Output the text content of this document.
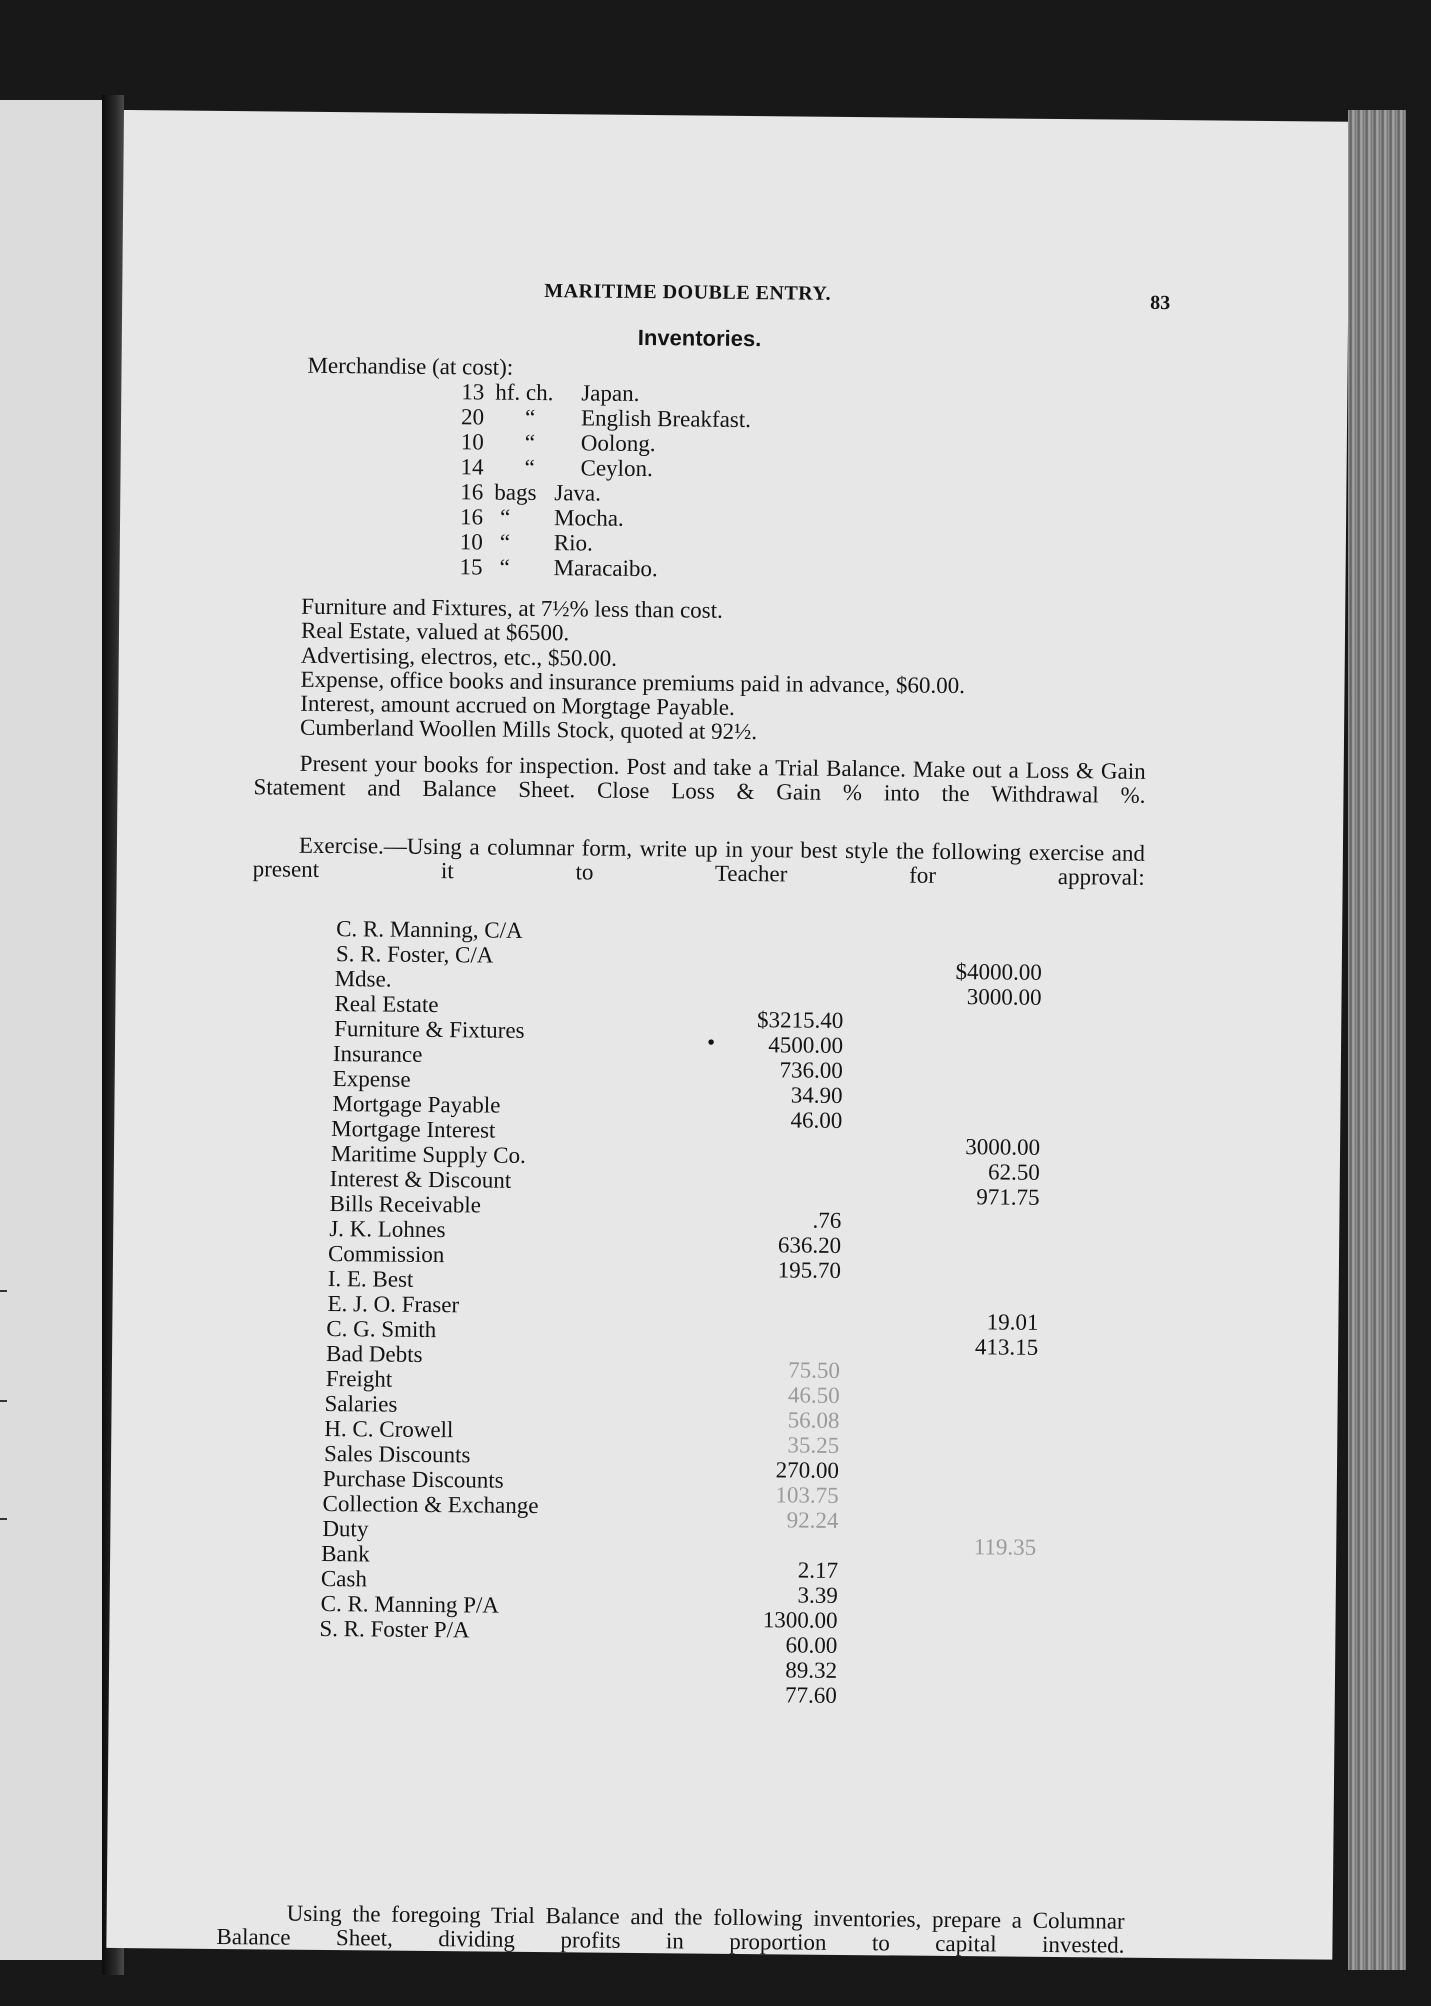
MARITIME DOUBLE ENTRY.	83
Inventories.
Merchandise (at cost):
13 hf. ch. Japan.
20 “ English Breakfast.
10 “ Oolong.
14 “ Ceylon.
16 bags Java.
16 “ Mocha.
10 “ Rio.
15 “ Maracaibo.
Furniture and Fixtures, at 7½% less than cost.
Real Estate, valued at $6500.
Advertising, electros, etc., $50.00.
Expense, office books and insurance premiums paid in advance, $60.00.
Interest, amount accrued on Morgtage Payable.
Cumberland Woollen Mills Stock, quoted at 92½.
Present your books for inspection. Post and take a Trial Balance. Make out a Loss & Gain Statement and Balance Sheet. Close Loss & Gain % into the Withdrawal %.
Exercise.—Using a columnar form, write up in your best style the following exercise and present it to Teacher for approval:
C. R. Manning, C/A
S. R. Foster, C/A
$4000.00
Mdse.
3000.00
Real Estate
$3215.40
Furniture & Fixtures
4500.00
Insurance
736.00
Expense
34.90
Mortgage Payable
46.00
Mortgage Interest
3000.00
Maritime Supply Co.
62.50
Interest & Discount
971.75
Bills Receivable
.76
J. K. Lohnes
636.20
Commission
195.70
I. E. Best
E. J. O. Fraser
19.01
C. G. Smith
413.15
Bad Debts
75.50
Freight
46.50
Salaries
56.08
H. C. Crowell
35.25
Sales Discounts
270.00
Purchase Discounts
103.75
Collection & Exchange
92.24
Duty
119.35
Bank
2.17
Cash
3.39
C. R. Manning P/A
1300.00
S. R. Foster P/A
60.00
89.32
77.60
•
Using the foregoing Trial Balance and the following inventories, prepare a Columnar Balance Sheet, dividing profits in proportion to capital invested.
